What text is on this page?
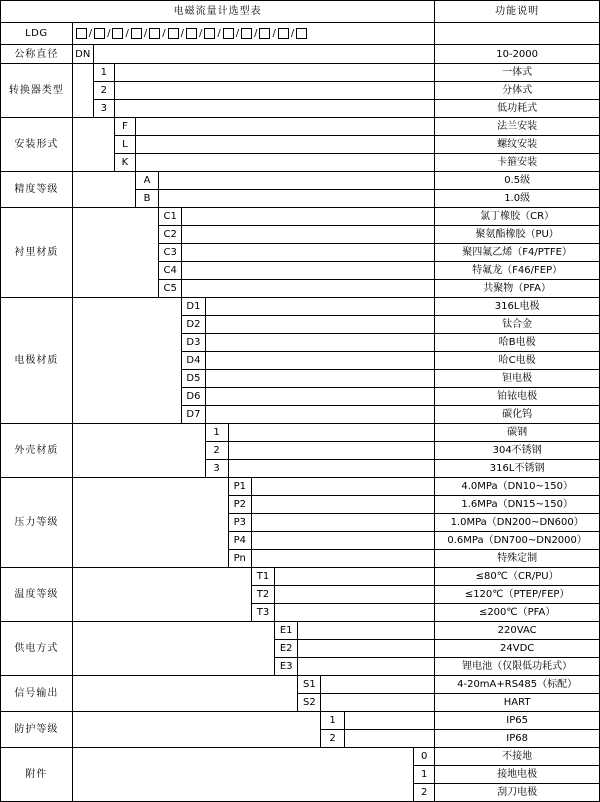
电磁流量计选型表															功能说明
LDG	/ / / / / / / / / / / /

公称直径	DN														10-2000
转换器类型		1													一体式
		2													分体式
		3													低功耗式
安装形式			F												法兰安装
			L												螺纹安装
			K												卡箍安装
精度等级				A											0.5级
				B											1.0级
衬里材质					C1										氯丁橡胶（CR）
					C2										聚氨酯橡胶（PU）
					C3										聚四氟乙烯（F4/PTFE）
					C4										特氟龙（F46/FEP）
					C5										共聚物（PFA）
电极材质						D1									316L电极
						D2									钛合金
						D3									哈B电极
						D4									哈C电极
						D5									钽电极
						D6									铂铱电极
						D7									碳化钨
外壳材质							1								碳钢
							2								304不锈钢
							3								316L不锈钢
压力等级								P1							4.0MPa（DN10~150）
								P2							1.6MPa（DN15~150）
								P3							1.0MPa（DN200~DN600）
								P4							0.6MPa（DN700~DN2000）
								Pn							特殊定制
温度等级									T1						≤80℃（CR/PU）
									T2						≤120℃（PTEP/FEP）
									T3						≤200℃（PFA）
供电方式										E1					220VAC
										E2					24VDC
										E3					锂电池（仅限低功耗式）
信号输出											S1				4-20mA+RS485（标配）
											S2				HART
防护等级												1			IP65
												2			IP68
附件														0	不接地
														1	接地电极
														2	刮刀电极
